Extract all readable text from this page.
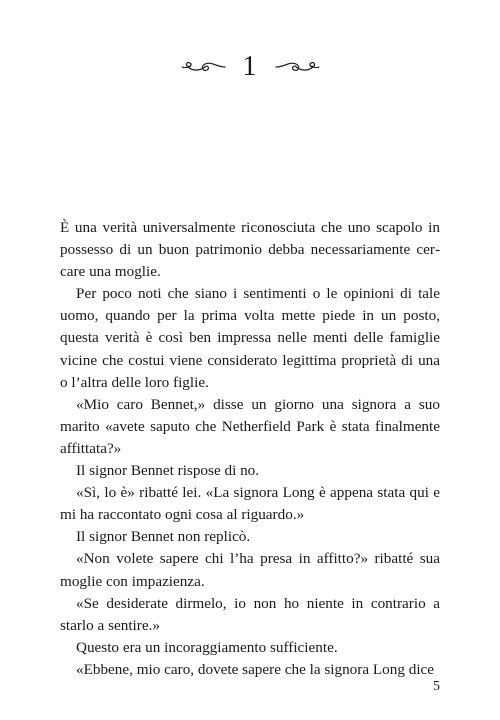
1

È una verità universalmente riconosciuta che uno scapolo in possesso di un buon patrimonio debba necessariamente cercare una moglie.

Per poco noti che siano i sentimenti o le opinioni di tale uomo, quando per la prima volta mette piede in un posto, questa verità è così ben impressa nelle menti delle famiglie vicine che costui viene considerato legittima proprietà di una o l’altra delle loro figlie.

«Mio caro Bennet,» disse un giorno una signora a suo marito «avete saputo che Netherfield Park è stata finalmente affittata?»

Il signor Bennet rispose di no.

«Sì, lo è» ribatté lei. «La signora Long è appena stata qui e mi ha raccontato ogni cosa al riguardo.»

Il signor Bennet non replicò.

«Non volete sapere chi l’ha presa in affitto?» ribatté sua moglie con impazienza.

«Se desiderate dirmelo, io non ho niente in contrario a starlo a sentire.»

Questo era un incoraggiamento sufficiente.

«Ebbene, mio caro, dovete sapere che la signora Long dice

5
